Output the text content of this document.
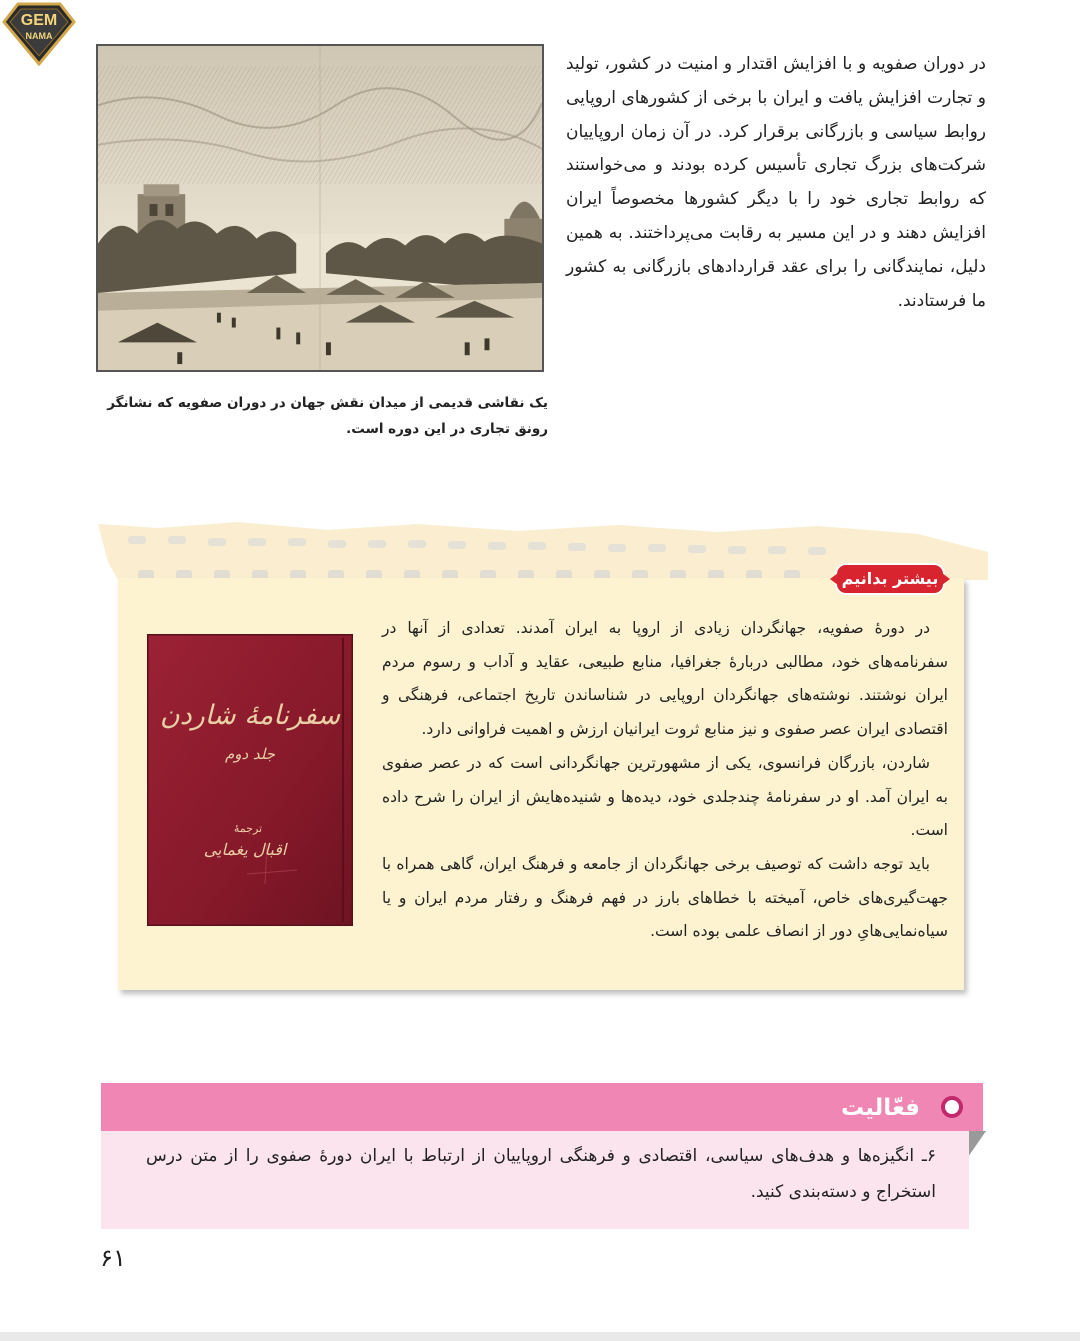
GEM
NAMA
یک نقاشی قدیمی از میدان نقش جهان در دوران صفویه که نشانگر رونق تجاری در این دوره است.
در دوران صفویه و با افزایش اقتدار و امنیت در کشور، تولید و تجارت افزایش یافت و ایران با برخی از کشورهای اروپایی روابط سیاسی و بازرگانی برقرار کرد. در آن زمان اروپاییان شرکت‌های بزرگ تجاری تأسیس کرده بودند و می‌خواستند که روابط تجاری خود را با دیگر کشورها مخصوصاً ایران افزایش دهند و در این مسیر به رقابت می‌پرداختند. به همین دلیل، نمایندگانی را برای عقد قراردادهای بازرگانی به کشور ما فرستادند.
بیشتر بدانیم
سفرنامهٔ شاردن
جلد دوم
ترجمهٔ
اقبال یغمایی

در دورهٔ صفویه، جهانگردان زیادی از اروپا به ایران آمدند. تعدادی از آنها در سفرنامه‌های خود، مطالبی دربارهٔ جغرافیا، منابع طبیعی، عقاید و آداب و رسوم مردم ایران نوشتند. نوشته‌های جهانگردان اروپایی در شناساندن تاریخ اجتماعی، فرهنگی و اقتصادی ایران عصر صفوی و نیز منابع ثروت ایرانیان ارزش و اهمیت فراوانی دارد.

شاردن، بازرگان فرانسوی، یکی از مشهورترین جهانگردانی است که در عصر صفوی به ایران آمد. او در سفرنامهٔ چندجلدی خود، دیده‌ها و شنیده‌هایش از ایران را شرح داده است.

باید توجه داشت که توصیف برخی جهانگردان از جامعه و فرهنگ ایران، گاهی همراه با جهت‌گیری‌های خاص، آمیخته با خطاهای بارز در فهم فرهنگ و رفتار مردم ایران و یا سیاه‌نمایی‌هایِ دور از انصاف علمی بوده است.

فعّالیت
۶ـ انگیزه‌ها و هدف‌های سیاسی، اقتصادی و فرهنگی اروپاییان از ارتباط با ایران دورهٔ صفوی را از متن درس استخراج و دسته‌بندی کنید.
۶۱
